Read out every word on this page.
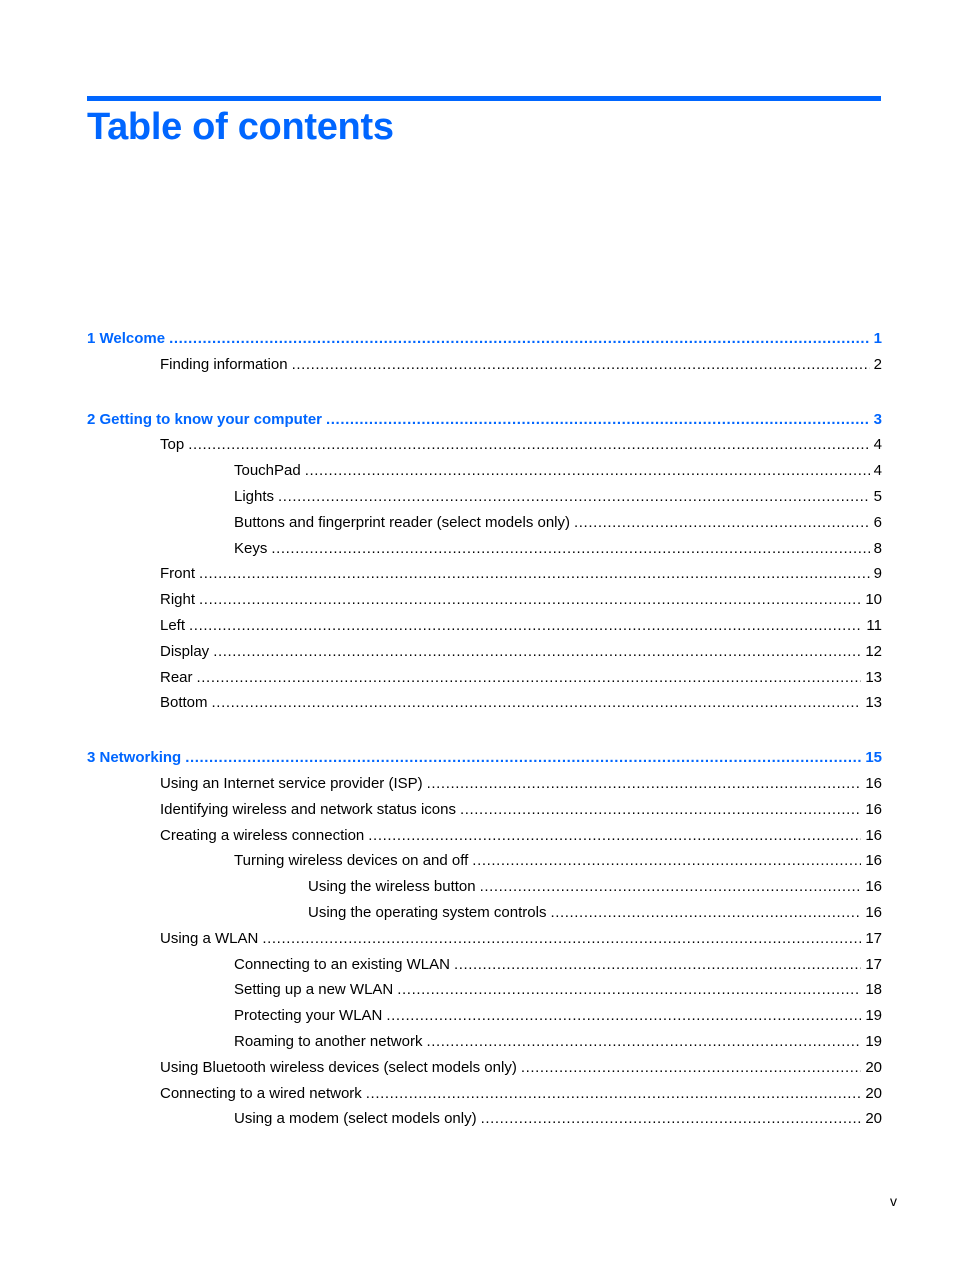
Table of contents
1 Welcome .....	1
Finding information .....	2
2 Getting to know your computer .....	3
Top .....	4
TouchPad .....	4
Lights .....	5
Buttons and fingerprint reader (select models only) .....	6
Keys .....	8
Front .....	9
Right .....	10
Left .....	11
Display .....	12
Rear .....	13
Bottom .....	13
3 Networking .....	15
Using an Internet service provider (ISP) .....	16
Identifying wireless and network status icons .....	16
Creating a wireless connection .....	16
Turning wireless devices on and off .....	16
Using the wireless button .....	16
Using the operating system controls .....	16
Using a WLAN .....	17
Connecting to an existing WLAN .....	17
Setting up a new WLAN .....	18
Protecting your WLAN .....	19
Roaming to another network .....	19
Using Bluetooth wireless devices (select models only) .....	20
Connecting to a wired network .....	20
Using a modem (select models only) .....	20
v
